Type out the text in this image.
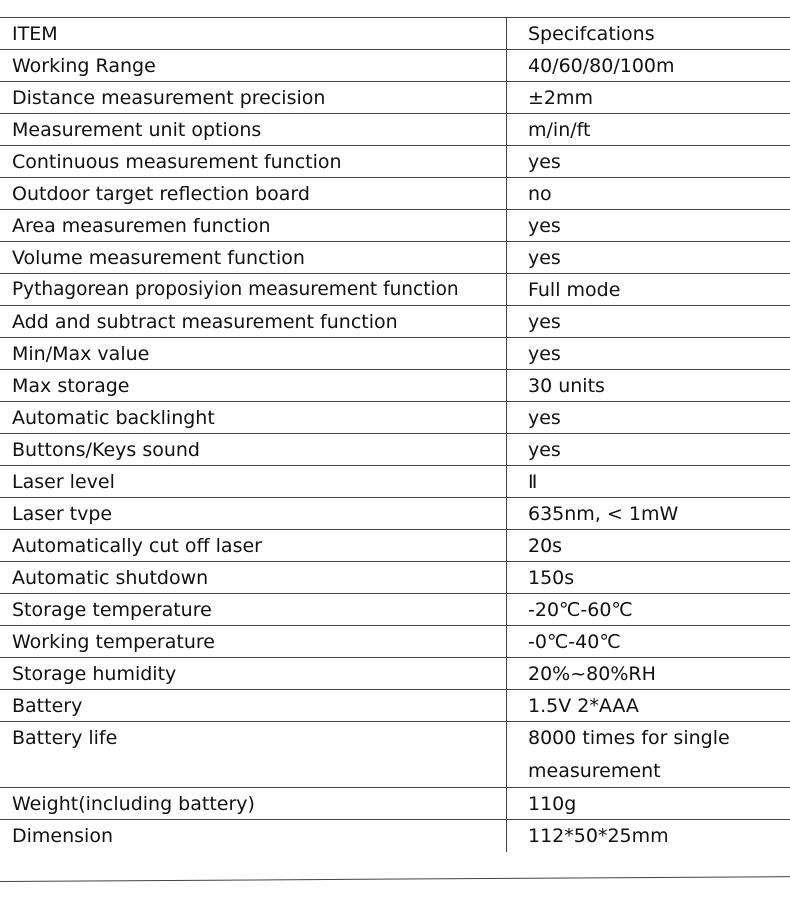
ITEM	Specifcations
Working Range	40/60/80/100m
Distance measurement precision	±2mm
Measurement unit options	m/in/ft
Continuous measurement function	yes
Outdoor target reflection board	no
Area measuremen function	yes
Volume measurement function	yes
Pythagorean proposiyion measurement function	Full mode
Add and subtract measurement function	yes
Min/Max value	yes
Max storage	30 units
Automatic backlinght	yes
Buttons/Keys sound	yes
Laser level	Ⅱ
Laser tvpe	635nm, < 1mW
Automatically cut off laser	20s
Automatic shutdown	150s
Storage temperature	-20℃-60℃
Working temperature	-0℃-40℃
Storage humidity	20%~80%RH
Battery	1.5V 2*AAA
Battery life	8000 times for single measurement
Weight(including battery)	110g
Dimension	112*50*25mm
